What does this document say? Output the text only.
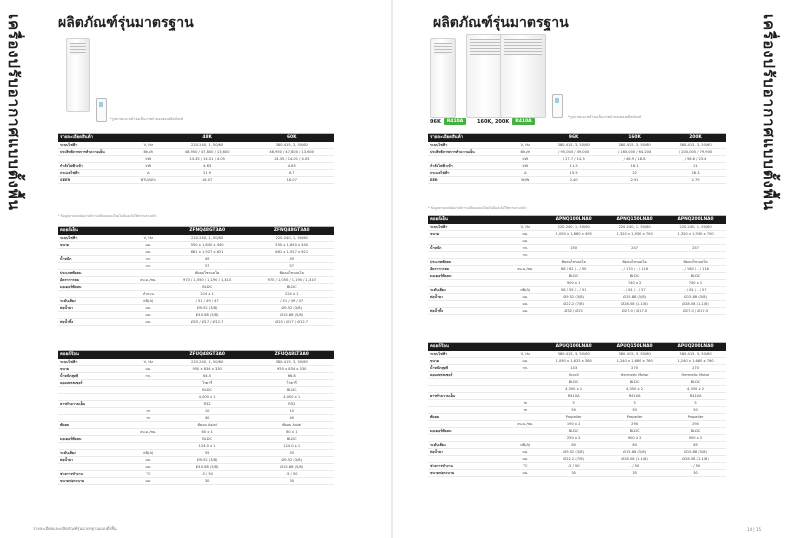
เครื่องปรับอากาศแบบตั้งพื้น	ผลิตภัณฑ์รุ่นมาตรฐาน
*รูปภาพและหน้าจอเป็นภาพจำลองของผลิตภัณฑ์
รายละเอียดสินค้า	48K	60K
ระบบไฟฟ้า	V, Hz	220-240, 1, 50/60	380-415, 3, 50/60
ประสิทธิภาพการทำความเย็น	Btu/h	48,950 / 47,800 / 13,600	48,950 / 47,800 / 13,600
kW	14.35 / 14.01 / 4.05	14.35 / 14.01 / 4.05
กำลังไฟฟ้าเข้า	kW	4.63	4.63
กระแสไฟฟ้า	A	21.9	6.7
SEER	BTU/W.h	16.07	16.07
* ข้อมูลทางเทคนิคอาจมีการเปลี่ยนแปลงโดยไม่ต้องแจ้งให้ทราบล่วงหน้า
คอยล์เย็น	ZFNQ48GT3A0	ZFNQ48GT3A0
ระบบไฟฟ้า	V, Hz	220-240, 1, 50/60	220-240, 1, 50/60
ขนาด	มม.	550 x 1,840 x 440	550 x 1,840 x 440
มม.	681 x 1,927 x 621	681 x 1,927 x 621
น้ำหนัก	กก.	49	49
กก.	57	57
ประเภทพัดลม	พัดลมไซรอคโค	พัดลมไซรอคโค
อัตราการลม	ลบ.ม./ชม.	970 / 1,050 / 1,190 / 1,410	970 / 1,050 / 1,190 / 1,410
มอเตอร์พัดลม	BLDC	BLDC
จำนวน	224 x 1	224 x 1
ระดับเสียง	dB(A)	/ 51 / 49 / 47	/ 51 / 49 / 47
ท่อน้ำยา	มม.	Ø9.52 (3/8)	Ø9.52 (3/8)
มม.	Ø15.88 (5/8)	Ø15.88 (5/8)
ท่อน้ำทิ้ง	มม.	Ø25 / Ø17 / Ø12.7	Ø25 / Ø17 / Ø12.7
คอยล์ร้อน	ZFUQ48GT3A0	ZFUQ48LT3A0
ระบบไฟฟ้า	V, Hz	220-240, 1, 50/60	380-415, 3, 50/60
ขนาด	มม.	950 x 834 x 330	950 x 834 x 330
น้ำหนักสุทธิ	กก.	64.5	66.8
คอมเพรสเซอร์	โรตารี่	โรตารี่
BLDC	BLDC
4,000 x 1	4,000 x 1
สารทำความเย็น	R32	R32
m	10	10
m	40	40
พัดลม	พัดลม Axial	พัดลม Axial
ลบ.ม./ชม.	60 x 1	60 x 1
มอเตอร์พัดลม	BLDC	BLDC
124.0 x 1	124.0 x 1
ระดับเสียง	dB(A)	55	55
ท่อน้ำยา	มม.	Ø9.52 (3/8)	Ø9.52 (3/8)
มม.	Ø15.88 (5/8)	Ø15.88 (5/8)
ช่วงการทำงาน	°C	-5 / 50	-5 / 50
ขนาดท่อระบาย	มม.	30	30
รายละเอียดและผลิตภัณฑ์รุ่นมาตรฐานแบบตั้งพื้น
เครื่องปรับอากาศแบบตั้งพื้น
ผลิตภัณฑ์รุ่นมาตรฐาน
*รูปภาพและหน้าจอเป็นภาพจำลองของผลิตภัณฑ์
96K	R410A	160K, 200K	R410A
รายละเอียดสินค้า	96K	160K	200K
ระบบไฟฟ้า	V, Hz	380-415, 3, 50/60	380-415, 3, 50/60	380-415, 3, 50/60
ประสิทธิภาพการทำความเย็น	Btu/h	/ 95,000 / 49,000	/ 160,000 / 64,200	/ 200,000 / 79,900
kW	/ 27.7 / 14.3	/ 46.9 / 18.8	/ 58.6 / 23.4
กำลังไฟฟ้าเข้า	kW	11.5	16.1	21
กระแสไฟฟ้า	A	19.5	22	28.3
EER	W/W	2.40	2.91	2.79
* ข้อมูลทางเทคนิคอาจมีการเปลี่ยนแปลงโดยไม่ต้องแจ้งให้ทราบล่วงหน้า
คอยล์เย็น	APNQ100LNA0	APNQ150LNA0	APNQ200LNA0
ระบบไฟฟ้า	V, Hz	220-240, 1, 50/60	220-240, 1, 50/60	220-240, 1, 50/60
ขนาด	มม.	1,050 x 1,880 x 495	1,320 x 1,930 x 700	1,320 x 1,930 x 700
มม.
น้ำหนัก	กก.	150	247	257
กก.
ประเภทพัดลม	พัดลมไซรอคโค	พัดลมไซรอคโค	พัดลมไซรอคโค
อัตราการลม	ลบ.ม./ชม.	68 / 62 / - / 50	- / 170 / - / 116	- / 180 / - / 116
มอเตอร์พัดลม	BLDC	BLDC	BLDC
900 x 1	740 x 2	740 x 2
ระดับเสียง	dB(A)	58 / 55 / - / 51	- / 61 / - / 57	- / 61 / - / 57
ท่อน้ำยา	มม.	Ø9.52 (3/8)	Ø15.88 (5/8)	Ø15.88 (5/8)
มม.	Ø22.2 (7/8)	Ø28.58 (1-1/8)	Ø28.58 (1-1/8)
ท่อน้ำทิ้ง	มม.	Ø32 / Ø25	Ø27.0 / Ø17.0	Ø27.0 / Ø17.0
คอยล์ร้อน	APUQ100LNA0	APUQ150LNA0	APUQ200LNA0
ระบบไฟฟ้า	V, Hz	380-415, 3, 50/60	380-415, 3, 50/60	380-415, 3, 50/60
ขนาด	มม.	1,090 x 1,625 x 380	1,240 x 1,680 x 760	1,240 x 1,680 x 760
น้ำหนักสุทธิ	กก.	143	270	270
คอมเพรสเซอร์	Scroll	Hermetic Motor	Hermetic Motor
BLDC	BLDC	BLDC
4,350 x 1	4,350 x 2	4,350 x 2
สารทำความเย็น	R410A	R410A	R410A
m	5	5	5
m	50	50	50
พัดลม	Propeller	Propeller	Propeller
ลบ.ม./ชม.	190 x 2	290	290
มอเตอร์พัดลม	BLDC	BLDC	BLDC
250 x 2	900 x 2	900 x 2
ระดับเสียง	dB(A)	60	64	65
ท่อน้ำยา	มม.	Ø9.52 (3/8)	Ø15.88 (5/8)	Ø15.88 (5/8)
มม.	Ø22.2 (7/8)	Ø28.58 (1-1/8)	Ø28.58 (1-1/8)
ช่วงการทำงาน	°C	-5 / 50	- / 50	- / 50
ขนาดท่อระบาย	มม.	30	30	30
14 | 15
